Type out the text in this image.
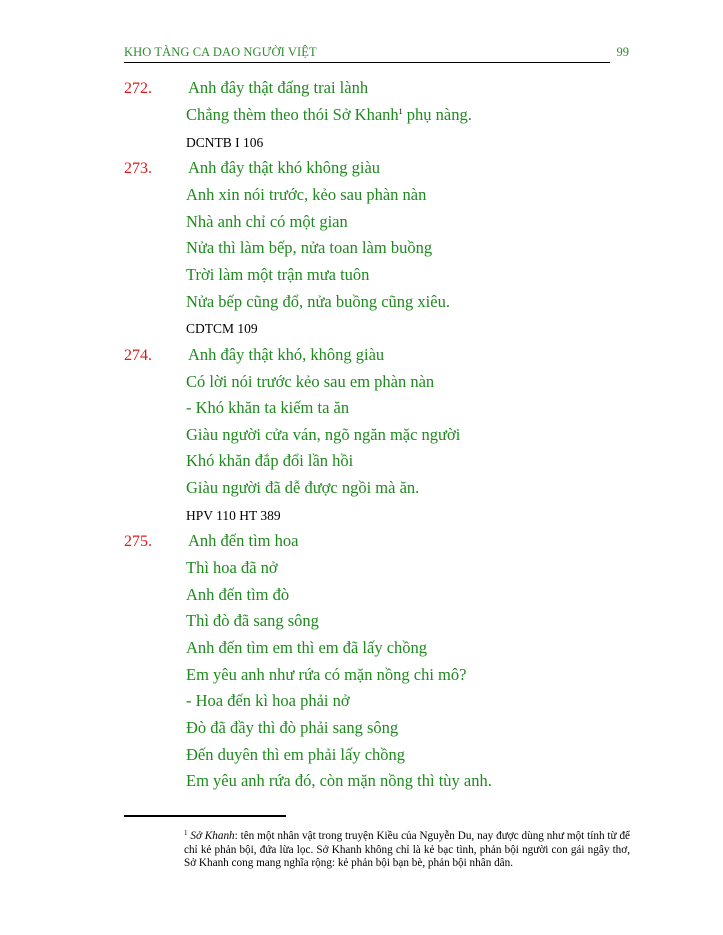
KHO TÀNG CA DAO NGƯỜI VIỆT	99
272. Anh đây thật đấng trai lành
Chẳng thèm theo thói Sở Khanh$^1$ phụ nàng.
DCNTB I 106
273. Anh đây thật khó không giàu
Anh xin nói trước, kẻo sau phàn nàn
Nhà anh chỉ có một gian
Nửa thì làm bếp, nửa toan làm buồng
Trời làm một trận mưa tuôn
Nửa bếp cũng đổ, nửa buồng cũng xiêu.
CDTCM 109
274. Anh đây thật khó, không giàu
Có lời nói trước kẻo sau em phàn nàn
- Khó khăn ta kiếm ta ăn
Giàu người cửa ván, ngõ ngăn mặc người
Khó khăn đắp đổi lần hồi
Giàu người đã dễ được ngồi mà ăn.
HPV 110 HT 389
275. Anh đến tìm hoa
Thì hoa đã nở
Anh đến tìm đò
Thì đò đã sang sông
Anh đến tìm em thì em đã lấy chồng
Em yêu anh như rứa có mặn nồng chi mô?
- Hoa đến kì hoa phải nở
Đò đã đầy thì đò phải sang sông
Đến duyên thì em phải lấy chồng
Em yêu anh rứa đó, còn mặn nồng thì tùy anh.
$^1$ Sở Khanh: tên một nhân vật trong truyện Kiều của Nguyễn Du, nay được dùng như một tính từ để chỉ kẻ phản bội, đứa lừa lọc. Sở Khanh không chỉ là kẻ bạc tình, phản bội người con gái ngây thơ, Sở Khanh cong mang nghĩa rộng: kẻ phản bội bạn bè, phản bội nhân dân.
